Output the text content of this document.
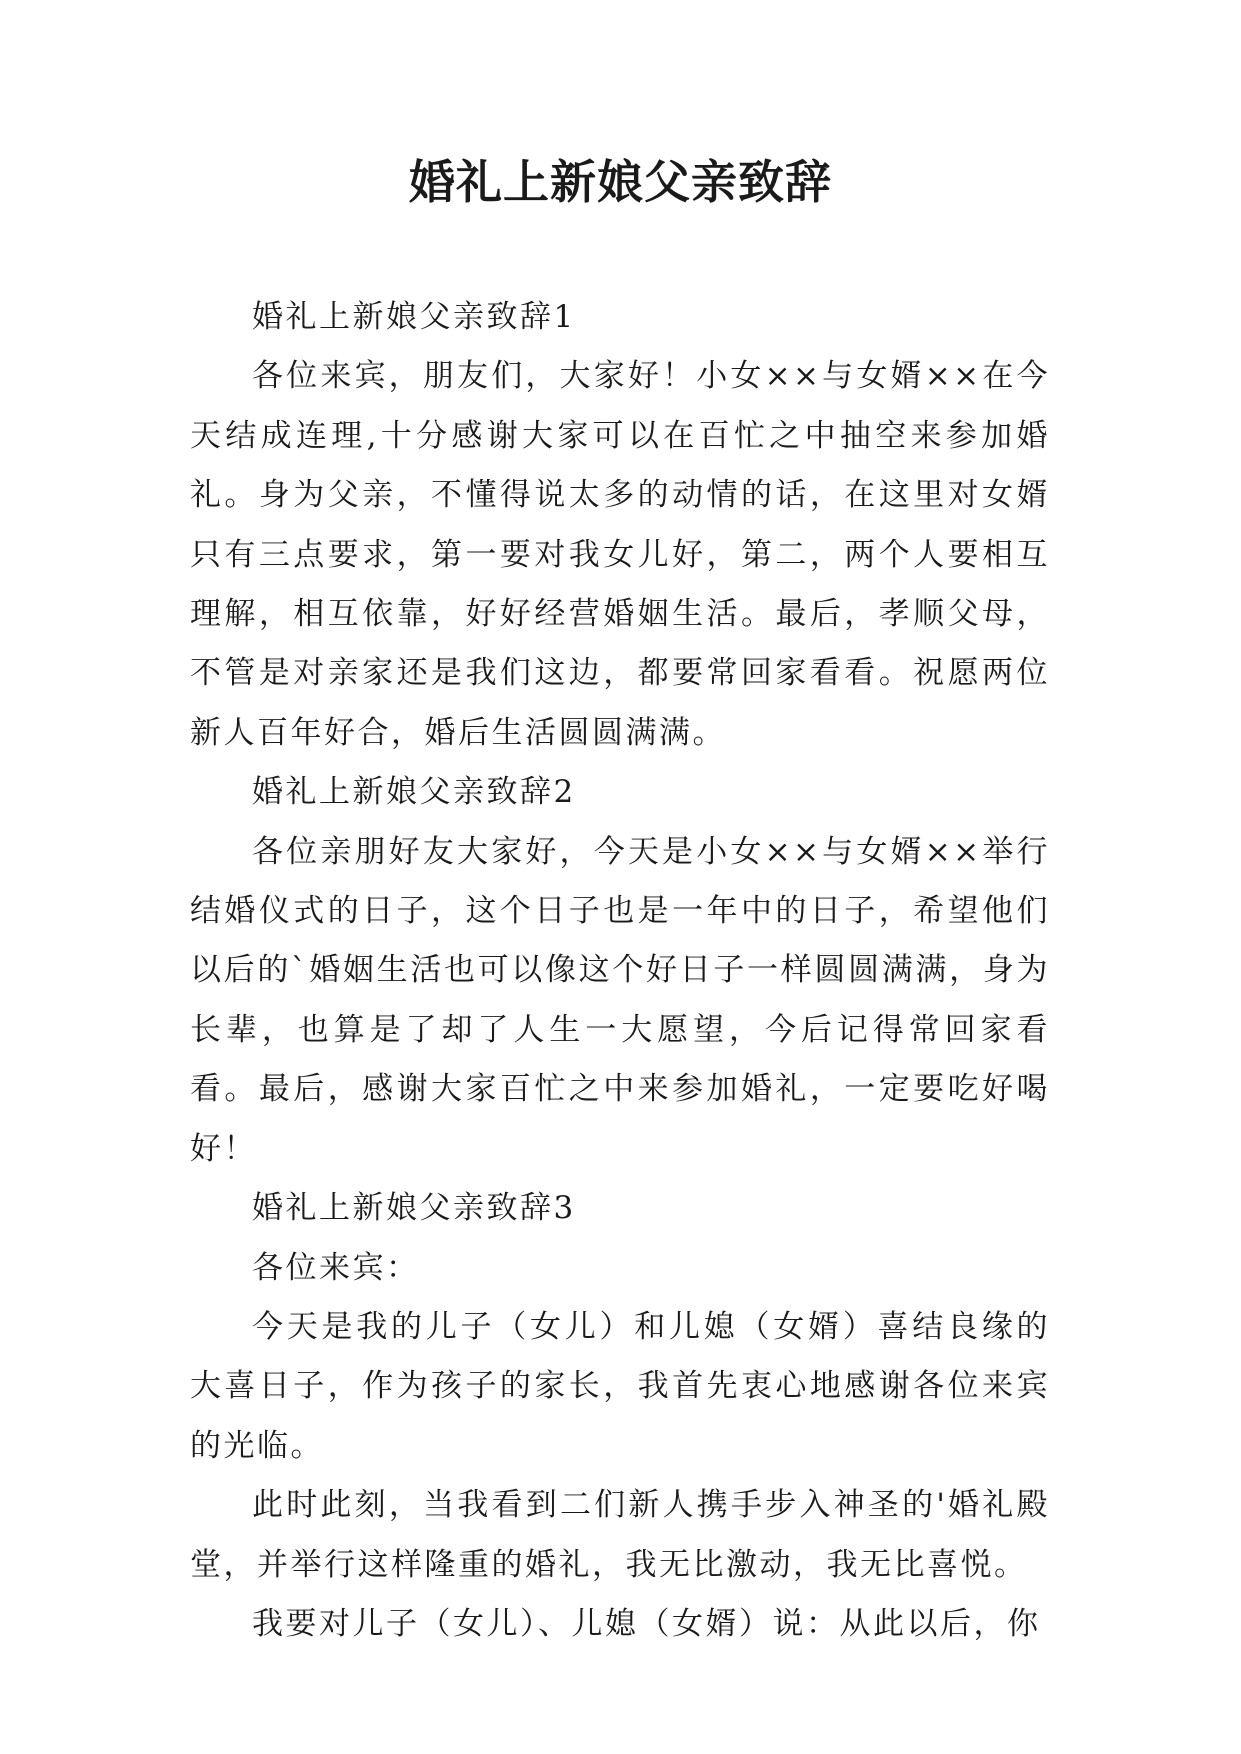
婚礼上新娘父亲致辞

婚礼上新娘父亲致辞1

各位来宾，朋友们，大家好！小女××与女婿××在今天结成连理,十分感谢大家可以在百忙之中抽空来参加婚礼。身为父亲，不懂得说太多的动情的话，在这里对女婿只有三点要求，第一要对我女儿好，第二，两个人要相互理解，相互依靠，好好经营婚姻生活。最后，孝顺父母，不管是对亲家还是我们这边，都要常回家看看。祝愿两位新人百年好合，婚后生活圆圆满满。

婚礼上新娘父亲致辞2

各位亲朋好友大家好，今天是小女××与女婿××举行结婚仪式的日子，这个日子也是一年中的日子，希望他们以后的`婚姻生活也可以像这个好日子一样圆圆满满，身为长辈，也算是了却了人生一大愿望，今后记得常回家看看。最后，感谢大家百忙之中来参加婚礼，一定要吃好喝好！

婚礼上新娘父亲致辞3

各位来宾：

今天是我的儿子（女儿）和儿媳（女婿）喜结良缘的大喜日子，作为孩子的家长，我首先衷心地感谢各位来宾的光临。

此时此刻，当我看到二们新人携手步入神圣的'婚礼殿堂，并举行这样隆重的婚礼，我无比激动，我无比喜悦。

我要对儿子（女儿）、儿媳（女婿）说：从此以后，你
